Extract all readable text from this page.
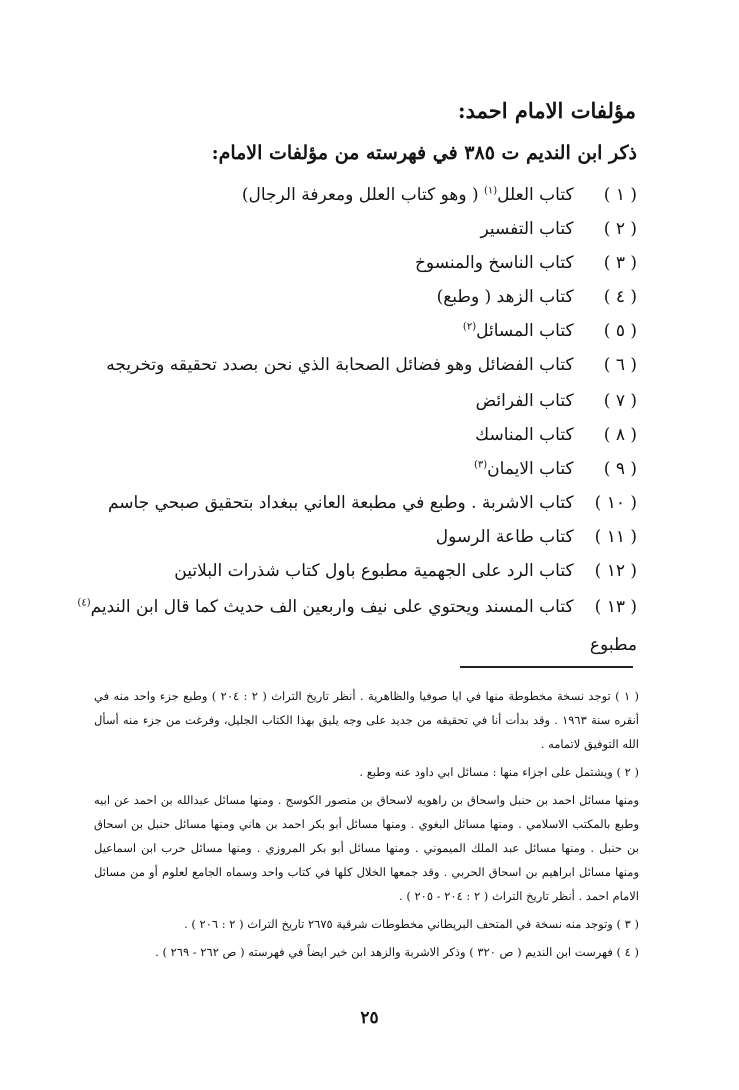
مؤلفات الامام احمد:
ذكر ابن النديم ت ٣٨٥ في فهرسته من مؤلفات الامام:
( ١ ) كتاب العلل$^{(١)}$ ( وهو كتاب العلل ومعرفة الرجال)
( ٢ ) كتاب التفسير
( ٣ ) كتاب الناسخ والمنسوخ
( ٤ ) كتاب الزهد ( وطبع)
( ٥ ) كتاب المسائل$^{(٢)}$
( ٦ ) كتاب الفضائل وهو فضائل الصحابة الذي نحن بصدد تحقيقه وتخريجه
( ٧ ) كتاب الفرائض
( ٨ ) كتاب المناسك
( ٩ ) كتاب الايمان$^{(٣)}$
( ١٠ ) كتاب الاشربة . وطبع في مطبعة العاني ببغداد بتحقيق صبحي جاسم
( ١١ ) كتاب طاعة الرسول
( ١٢ ) كتاب الرد على الجهمية مطبوع باول كتاب شذرات البلاتين
( ١٣ ) كتاب المسند ويحتوي على نيف واربعين الف حديث كما قال ابن النديم$^{(٤)}$ مطبوع

( ١ ) توجد نسخة مخطوطة منها في ايا صوفيا والظاهرية . أنظر تاريخ التراث ( ٢ : ٢٠٤ ) وطبع جزء واحد منه في أنقره سنة ١٩٦٣ . وقد بدأت أنا في تحقيقه من جديد على وجه يليق بهذا الكتاب الجليل، وفرغت من جزء منه أسأل الله التوفيق لاتمامه .

( ٢ ) ويشتمل على اجزاء منها : مسائل ابي داود عنه وطبع .

ومنها مسائل احمد بن حنبل واسحاق بن راهويه لاسحاق بن منصور الكوسج . ومنها مسائل عبدالله بن احمد عن ابيه وطبع بالمكتب الاسلامي . ومنها مسائل البغوي . ومنها مسائل أبو بكر احمد بن هاني ومنها مسائل حنبل بن اسحاق بن حنبل . ومنها مسائل عبد الملك الميموني . ومنها مسائل أبو بكر المروزي . ومنها مسائل حرب ابن اسماعيل ومنها مسائل ابراهيم بن اسحاق الحربي . وقد جمعها الخلال كلها في كتاب واحد وسماه الجامع لعلوم أو من مسائل الامام احمد . أنظر تاريخ التراث ( ٢ : ٢٠٤ - ٢٠٥ ) .

( ٣ ) وتوجد منه نسخة في المتحف البريطاني مخطوطات شرقية ٢٦٧٥ تاريخ التراث ( ٢ : ٢٠٦ ) .

( ٤ ) فهرست ابن النديم ( ص ٣٢٠ ) وذكر الاشربة والزهد ابن خير ايضاً في فهرسته ( ص ٢٦٢ - ٢٦٩ ) .

٢٥
